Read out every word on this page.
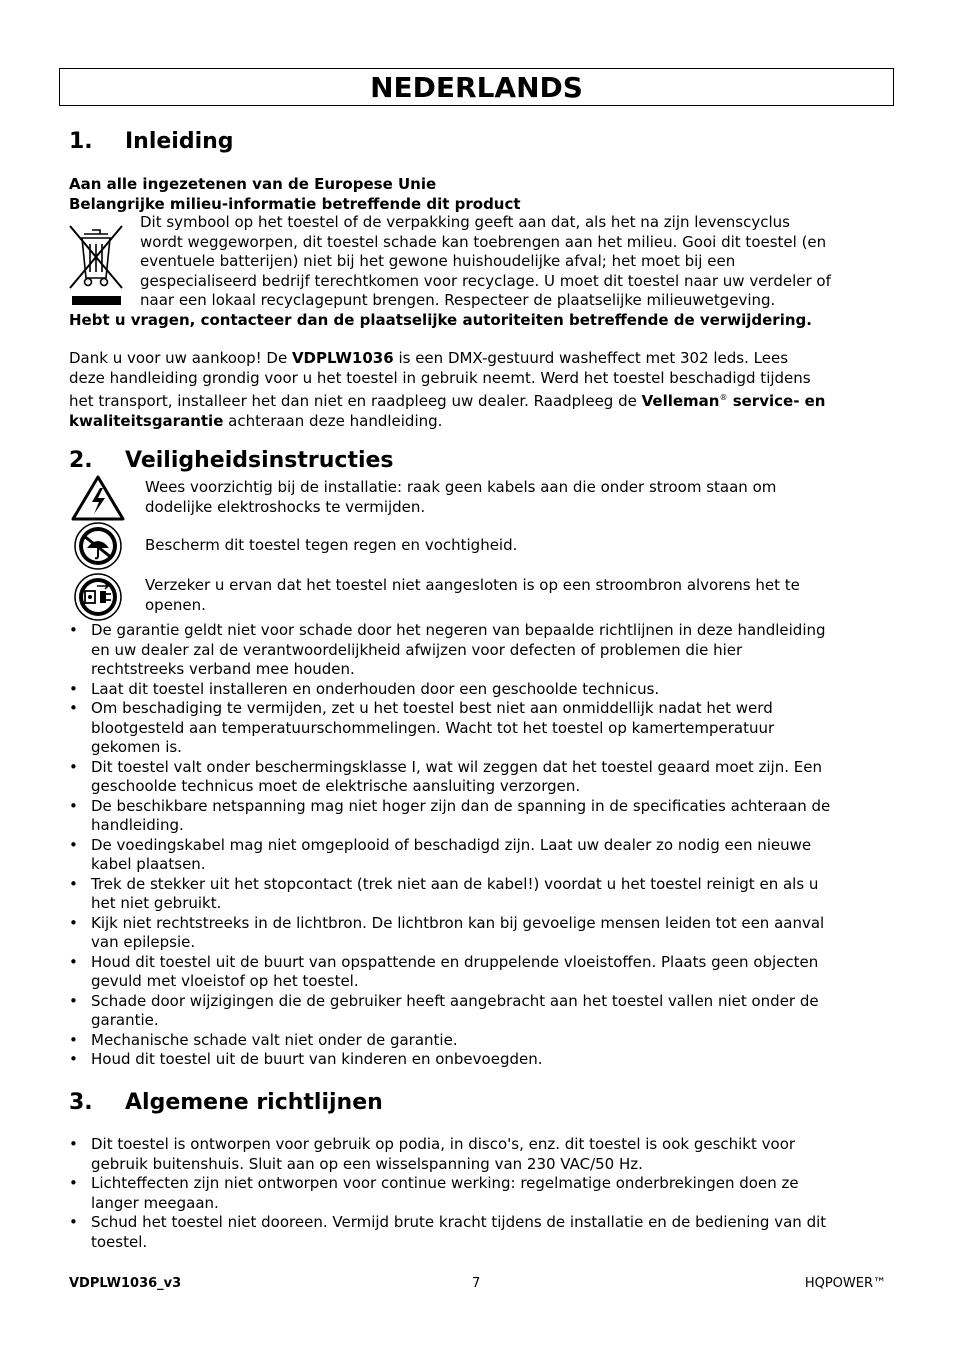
NEDERLANDS
1. Inleiding
Aan alle ingezetenen van de Europese Unie
Belangrijke milieu-informatie betreffende dit product
Dit symbool op het toestel of de verpakking geeft aan dat, als het na zijn levenscyclus
wordt weggeworpen, dit toestel schade kan toebrengen aan het milieu. Gooi dit toestel (en
eventuele batterijen) niet bij het gewone huishoudelijke afval; het moet bij een
gespecialiseerd bedrijf terechtkomen voor recyclage. U moet dit toestel naar uw verdeler of
naar een lokaal recyclagepunt brengen. Respecteer de plaatselijke milieuwetgeving.
Hebt u vragen, contacteer dan de plaatselijke autoriteiten betreffende de verwijdering.
Dank u voor uw aankoop! De VDPLW1036 is een DMX-gestuurd washeffect met 302 leds. Lees
deze handleiding grondig voor u het toestel in gebruik neemt. Werd het toestel beschadigd tijdens
het transport, installeer het dan niet en raadpleeg uw dealer. Raadpleeg de Velleman® service- en
kwaliteitsgarantie achteraan deze handleiding.
2. Veiligheidsinstructies
Wees voorzichtig bij de installatie: raak geen kabels aan die onder stroom staan om
dodelijke elektroshocks te vermijden.
Bescherm dit toestel tegen regen en vochtigheid.
Verzeker u ervan dat het toestel niet aangesloten is op een stroombron alvorens het te
openen.
• De garantie geldt niet voor schade door het negeren van bepaalde richtlijnen in deze handleiding
en uw dealer zal de verantwoordelijkheid afwijzen voor defecten of problemen die hier
rechtstreeks verband mee houden.
• Laat dit toestel installeren en onderhouden door een geschoolde technicus.
• Om beschadiging te vermijden, zet u het toestel best niet aan onmiddellijk nadat het werd
blootgesteld aan temperatuurschommelingen. Wacht tot het toestel op kamertemperatuur
gekomen is.
• Dit toestel valt onder beschermingsklasse I, wat wil zeggen dat het toestel geaard moet zijn. Een
geschoolde technicus moet de elektrische aansluiting verzorgen.
• De beschikbare netspanning mag niet hoger zijn dan de spanning in de specificaties achteraan de
handleiding.
• De voedingskabel mag niet omgeplooid of beschadigd zijn. Laat uw dealer zo nodig een nieuwe
kabel plaatsen.
• Trek de stekker uit het stopcontact (trek niet aan de kabel!) voordat u het toestel reinigt en als u
het niet gebruikt.
• Kijk niet rechtstreeks in de lichtbron. De lichtbron kan bij gevoelige mensen leiden tot een aanval
van epilepsie.
• Houd dit toestel uit de buurt van opspattende en druppelende vloeistoffen. Plaats geen objecten
gevuld met vloeistof op het toestel.
• Schade door wijzigingen die de gebruiker heeft aangebracht aan het toestel vallen niet onder de
garantie.
• Mechanische schade valt niet onder de garantie.
• Houd dit toestel uit de buurt van kinderen en onbevoegden.
3. Algemene richtlijnen
• Dit toestel is ontworpen voor gebruik op podia, in disco's, enz. dit toestel is ook geschikt voor
gebruik buitenshuis. Sluit aan op een wisselspanning van 230 VAC/50 Hz.
• Lichteffecten zijn niet ontworpen voor continue werking: regelmatige onderbrekingen doen ze
langer meegaan.
• Schud het toestel niet dooreen. Vermijd brute kracht tijdens de installatie en de bediening van dit
toestel.
VDPLW1036_v3	7	HQPOWER™
